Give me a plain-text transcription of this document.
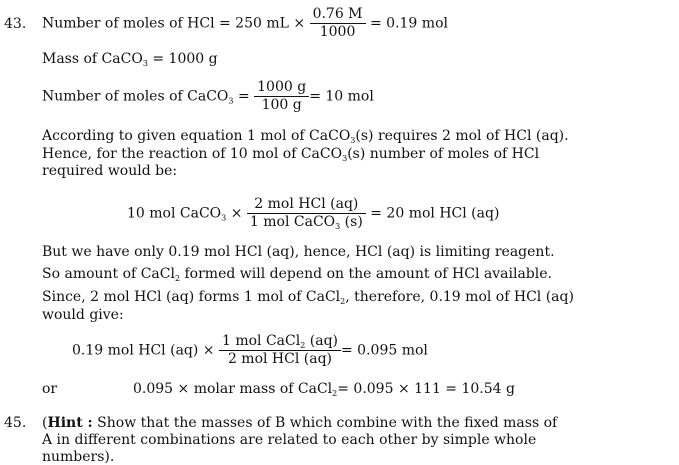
43. Number of moles of HCl = 250 mL × $\frac{0.76 M}{1000} = 0.19$ mol
Mass of CaCO$_3$ = 1000 g
Number of moles of CaCO$_3$ = $\frac{1000 g}{100 g} = 10$ mol
According to given equation 1 mol of CaCO$_3$(s) requires 2 mol of HCl (aq).
Hence, for the reaction of 10 mol of CaCO$_3$(s) number of moles of HCl
required would be:
10 mol CaCO$_3$ × $\frac{\text{2 mol HCl (aq)}}{1 mol CaCO_3 (s)} = 20$ mol HCl (aq)
But we have only 0.19 mol HCl (aq), hence, HCl (aq) is limiting reagent.
So amount of CaCl$_2$ formed will depend on the amount of HCl available.
Since, 2 mol HCl (aq) forms 1 mol of CaCl$_2$, therefore, 0.19 mol of HCl (aq)
would give:
0.19 mol HCl $(aq) \times \frac{1 mol CaCl_2 (aq)}{\text{2 mol HCl (aq)}} = 0.095$ mol
or	0.095 × molar mass of CaCl$_2$= 0.095 × 111 = 10.54 g
45. (Hint : Show that the masses of B which combine with the fixed mass of
A in different combinations are related to each other by simple whole
numbers).
